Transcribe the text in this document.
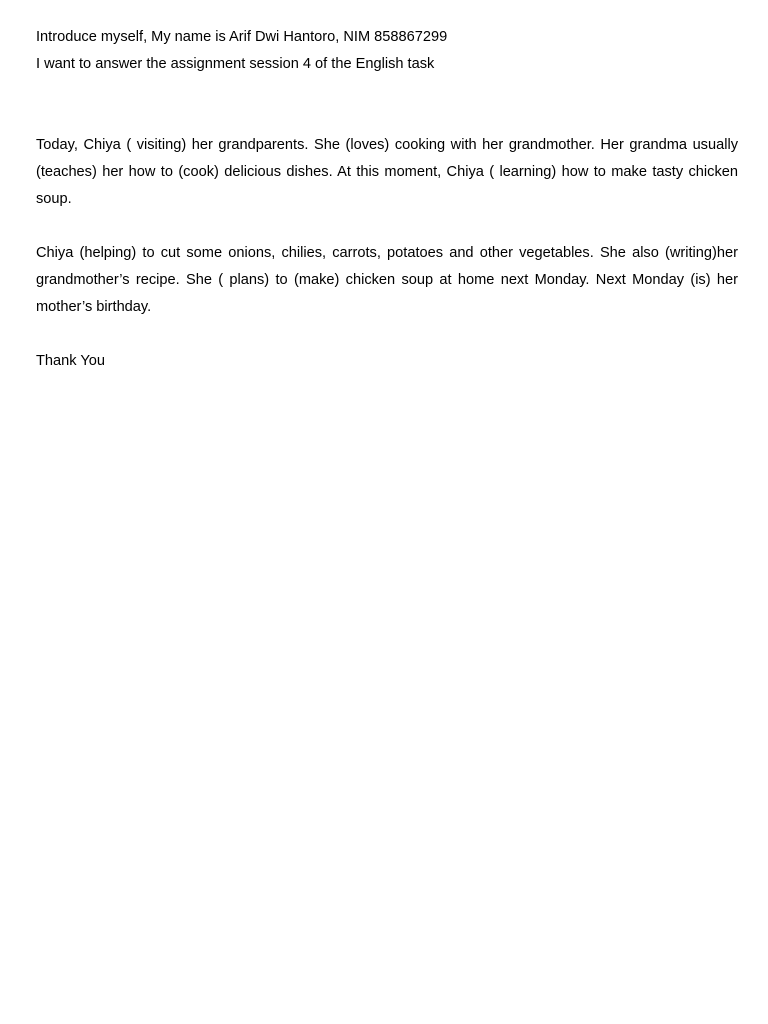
Introduce myself, My name is Arif Dwi Hantoro, NIM 858867299

I want to answer the assignment session 4 of the English task

Today, Chiya ( visiting) her grandparents. She (loves) cooking with her grandmother. Her grandma usually (teaches) her how to (cook) delicious dishes. At this moment, Chiya ( learning) how to make tasty chicken soup.

Chiya (helping) to cut some onions, chilies, carrots, potatoes and other vegetables. She also (writing)her grandmother’s recipe. She ( plans) to (make) chicken soup at home next Monday. Next Monday (is) her mother’s birthday.

Thank You
